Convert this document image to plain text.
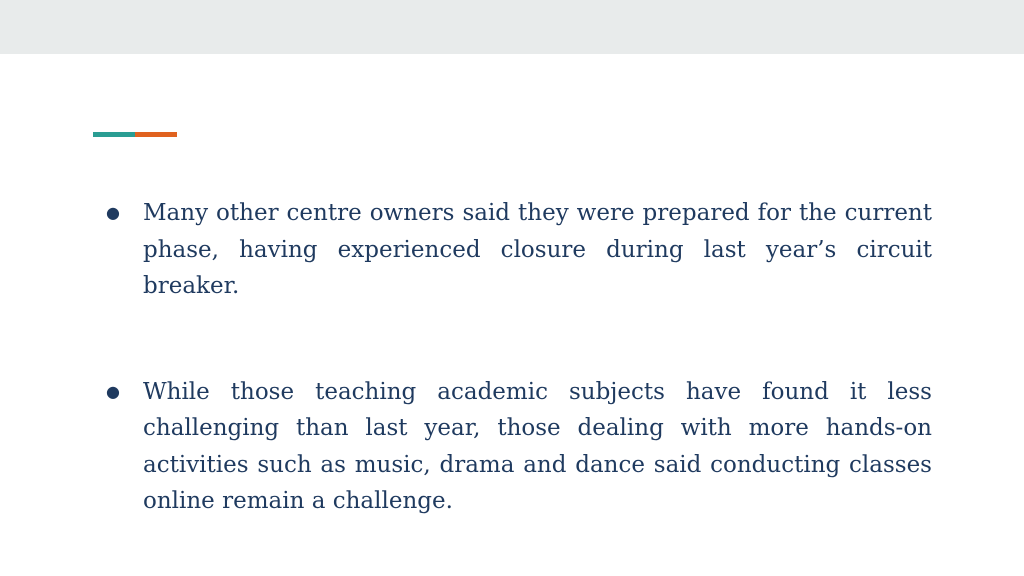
●	Many other centre owners said they were prepared for the current phase, having experienced closure during last year’s circuit breaker.
●	While those teaching academic subjects have found it less challenging than last year, those dealing with more hands-on activities such as music, drama and dance said conducting classes online remain a challenge.
